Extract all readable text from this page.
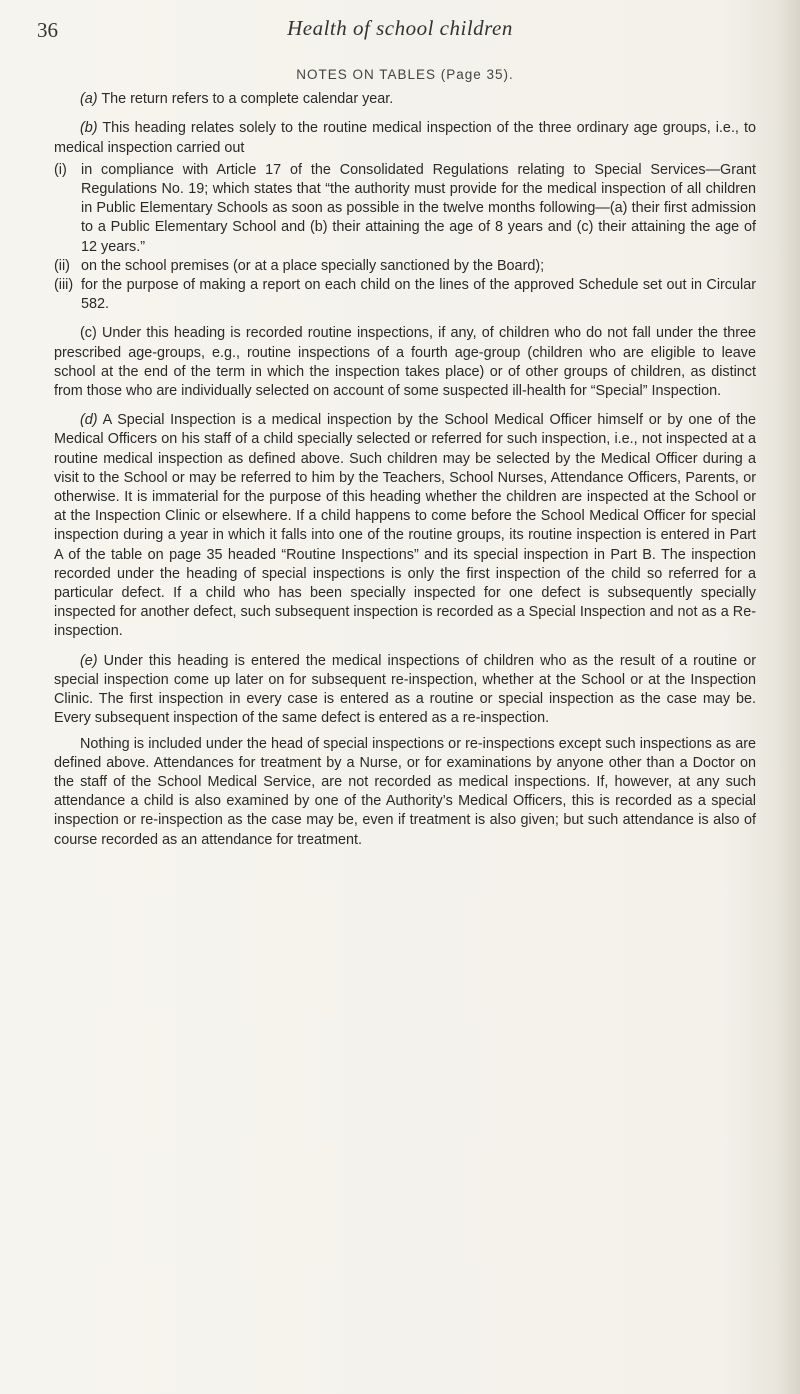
36	Health of school children
NOTES ON TABLES (Page 35).

(a) The return refers to a complete calendar year.

(b) This heading relates solely to the routine medical inspection of the three ordinary age groups, i.e., to medical inspection carried out

(i) in compliance with Article 17 of the Consolidated Regulations relating to Special Services—Grant Regulations No. 19; which states that “the authority must provide for the medical inspection of all children in Public Elementary Schools as soon as possible in the twelve months following—(a) their first admission to a Public Elementary School and (b) their attaining the age of 8 years and (c) their attaining the age of 12 years.”
(ii) on the school premises (or at a place specially sanctioned by the Board);
(iii) for the purpose of making a report on each child on the lines of the approved Schedule set out in Circular 582.

(c) Under this heading is recorded routine inspections, if any, of children who do not fall under the three prescribed age-groups, e.g., routine inspections of a fourth age-group (children who are eligible to leave school at the end of the term in which the inspection takes place) or of other groups of children, as distinct from those who are individually selected on account of some suspected ill-health for “Special” Inspection.

(d) A Special Inspection is a medical inspection by the School Medical Officer himself or by one of the Medical Officers on his staff of a child specially selected or referred for such inspection, i.e., not inspected at a routine medical inspection as defined above. Such children may be selected by the Medical Officer during a visit to the School or may be referred to him by the Teachers, School Nurses, Attendance Officers, Parents, or otherwise. It is immaterial for the purpose of this heading whether the children are inspected at the School or at the Inspection Clinic or elsewhere. If a child happens to come before the School Medical Officer for special inspection during a year in which it falls into one of the routine groups, its routine inspection is entered in Part A of the table on page 35 headed “Routine Inspections” and its special inspection in Part B. The inspection recorded under the heading of special inspections is only the first inspection of the child so referred for a particular defect. If a child who has been specially inspected for one defect is subsequently specially inspected for another defect, such subsequent inspection is recorded as a Special Inspection and not as a Re-inspection.

(e) Under this heading is entered the medical inspections of children who as the result of a routine or special inspection come up later on for subsequent re-inspection, whether at the School or at the Inspection Clinic. The first inspection in every case is entered as a routine or special inspection as the case may be. Every subsequent inspection of the same defect is entered as a re-inspection.

Nothing is included under the head of special inspections or re-inspections except such inspections as are defined above. Attendances for treatment by a Nurse, or for examinations by anyone other than a Doctor on the staff of the School Medical Service, are not recorded as medical inspections. If, however, at any such attendance a child is also examined by one of the Authority’s Medical Officers, this is recorded as a special inspection or re-inspection as the case may be, even if treatment is also given; but such attendance is also of course recorded as an attendance for treatment.
